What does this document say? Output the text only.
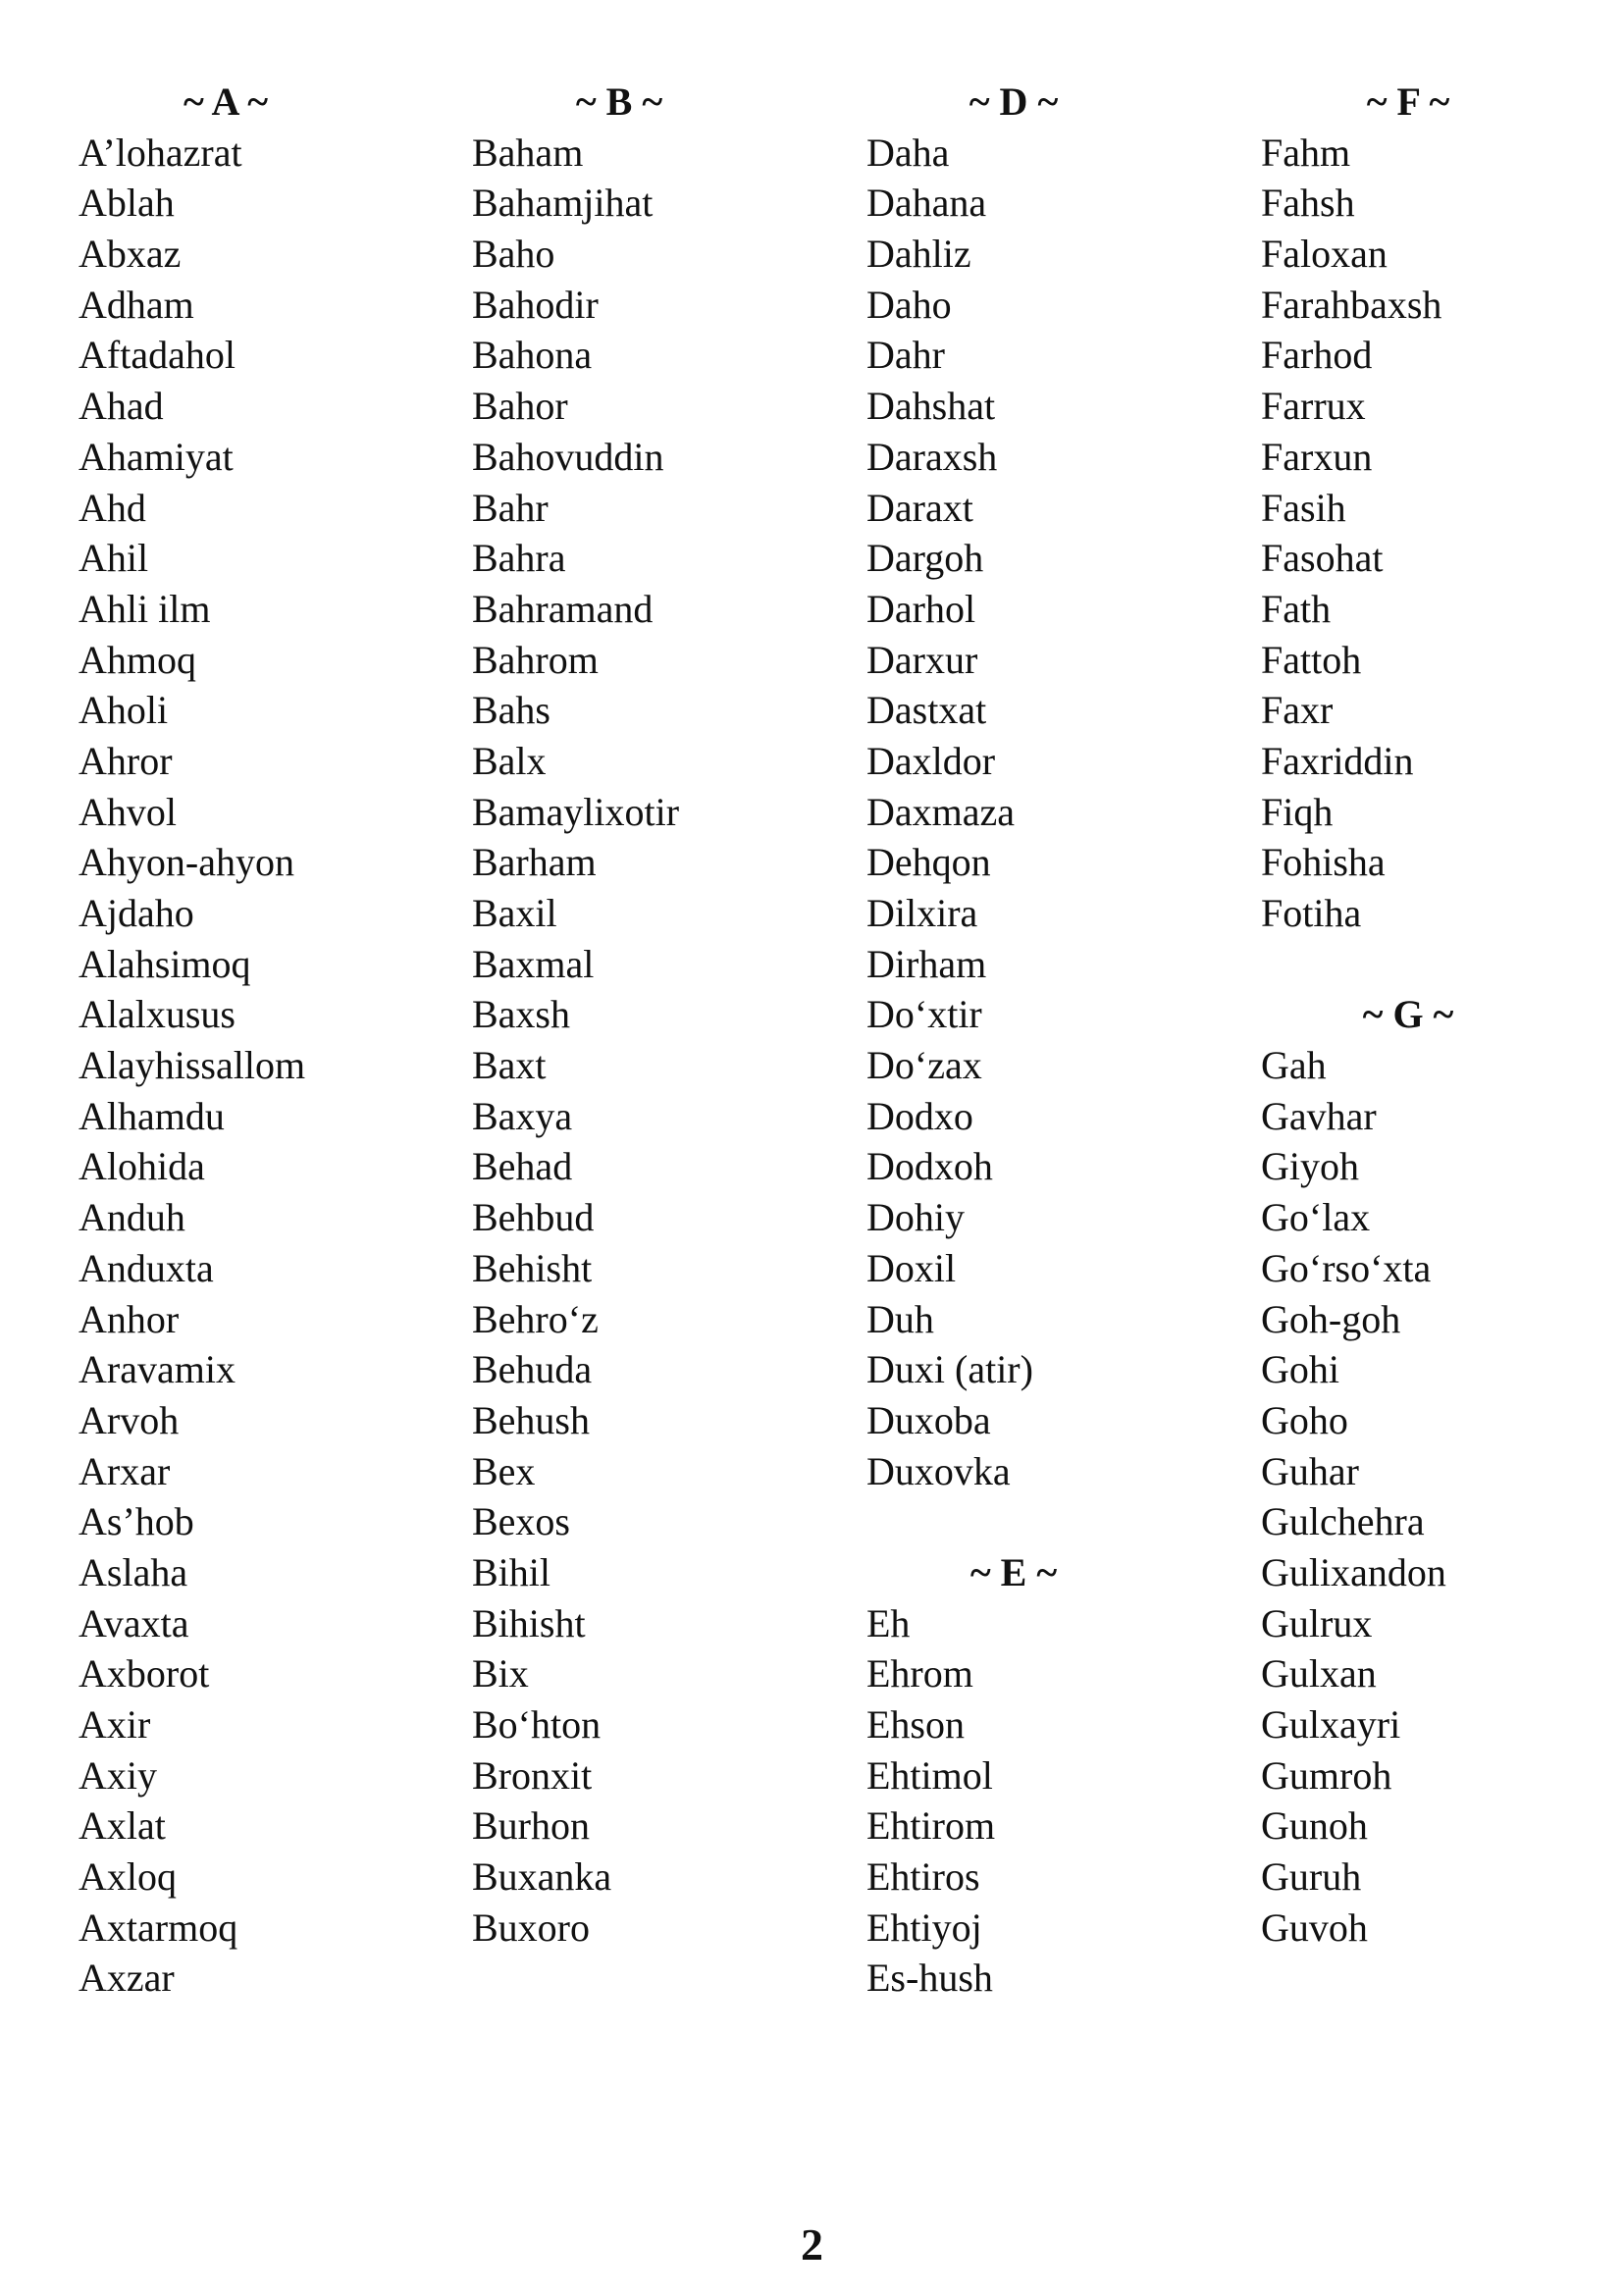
~ A ~
A’lohazrat
Ablah
Abxaz
Adham
Aftadahol
Ahad
Ahamiyat
Ahd
Ahil
Ahli ilm
Ahmoq
Aholi
Ahror
Ahvol
Ahyon-ahyon
Ajdaho
Alahsimoq
Alalxusus
Alayhissallom
Alhamdu
Alohida
Anduh
Anduxta
Anhor
Aravamix
Arvoh
Arxar
As’hob
Aslaha
Avaxta
Axborot
Axir
Axiy
Axlat
Axloq
Axtarmoq
Axzar
~ B ~
Baham
Bahamjihat
Baho
Bahodir
Bahona
Bahor
Bahovuddin
Bahr
Bahra
Bahramand
Bahrom
Bahs
Balx
Bamaylixotir
Barham
Baxil
Baxmal
Baxsh
Baxt
Baxya
Behad
Behbud
Behisht
Behro‘z
Behuda
Behush
Bex
Bexos
Bihil
Bihisht
Bix
Bo‘hton
Bronxit
Burhon
Buxanka
Buxoro
~ D ~
Daha
Dahana
Dahliz
Daho
Dahr
Dahshat
Daraxsh
Daraxt
Dargoh
Darhol
Darxur
Dastxat
Daxldor
Daxmaza
Dehqon
Dilxira
Dirham
Do‘xtir
Do‘zax
Dodxo
Dodxoh
Dohiy
Doxil
Duh
Duxi (atir)
Duxoba
Duxovka
~ E ~
Eh
Ehrom
Ehson
Ehtimol
Ehtirom
Ehtiros
Ehtiyoj
Es-hush
~ F ~
Fahm
Fahsh
Faloxan
Farahbaxsh
Farhod
Farrux
Farxun
Fasih
Fasohat
Fath
Fattoh
Faxr
Faxriddin
Fiqh
Fohisha
Fotiha
~ G ~
Gah
Gavhar
Giyoh
Go‘lax
Go‘rso‘xta
Goh-goh
Gohi
Goho
Guhar
Gulchehra
Gulixandon
Gulrux
Gulxan
Gulxayri
Gumroh
Gunoh
Guruh
Guvoh
2
